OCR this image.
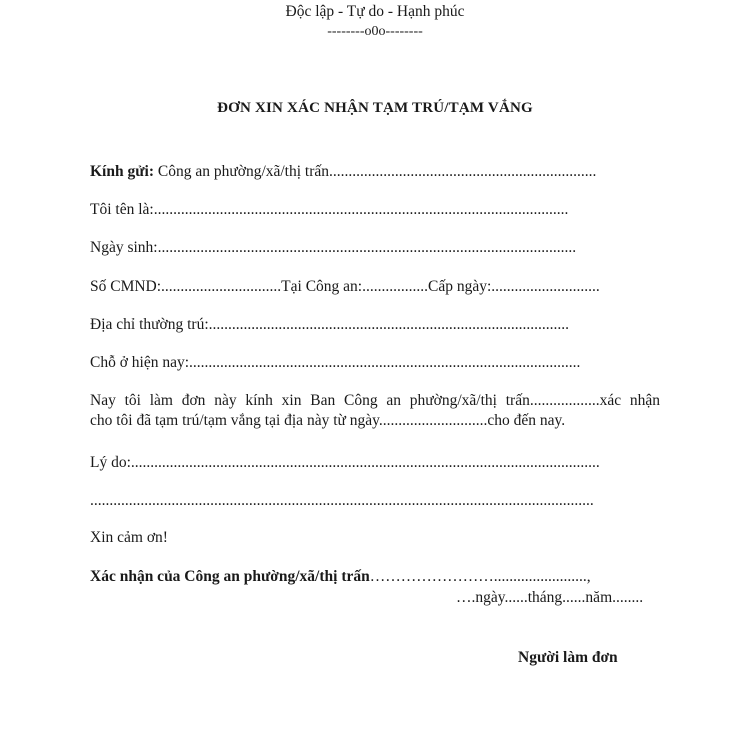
Độc lập - Tự do - Hạnh phúc
--------o0o--------
ĐƠN XIN XÁC NHẬN TẠM TRÚ/TẠM VẮNG
Kính gửi: Công an phường/xã/thị trấn.....................................................................
Tôi tên là:...........................................................................................................
Ngày sinh:............................................................................................................
Số CMND:...............................Tại Công an:.................Cấp ngày:............................
Địa chỉ thường trú:.............................................................................................
Chỗ ở hiện nay:.....................................................................................................
Nay tôi làm đơn này kính xin Ban Công an phường/xã/thị trấn..................xác nhận
cho tôi đã tạm trú/tạm vắng tại địa này từ ngày............................cho đến nay.
Lý do:.........................................................................................................................
..................................................................................................................................
Xin cảm ơn!
Xác nhận của Công an phường/xã/thị trấn……………………........................,
….ngày......tháng......năm........
Người làm đơn
